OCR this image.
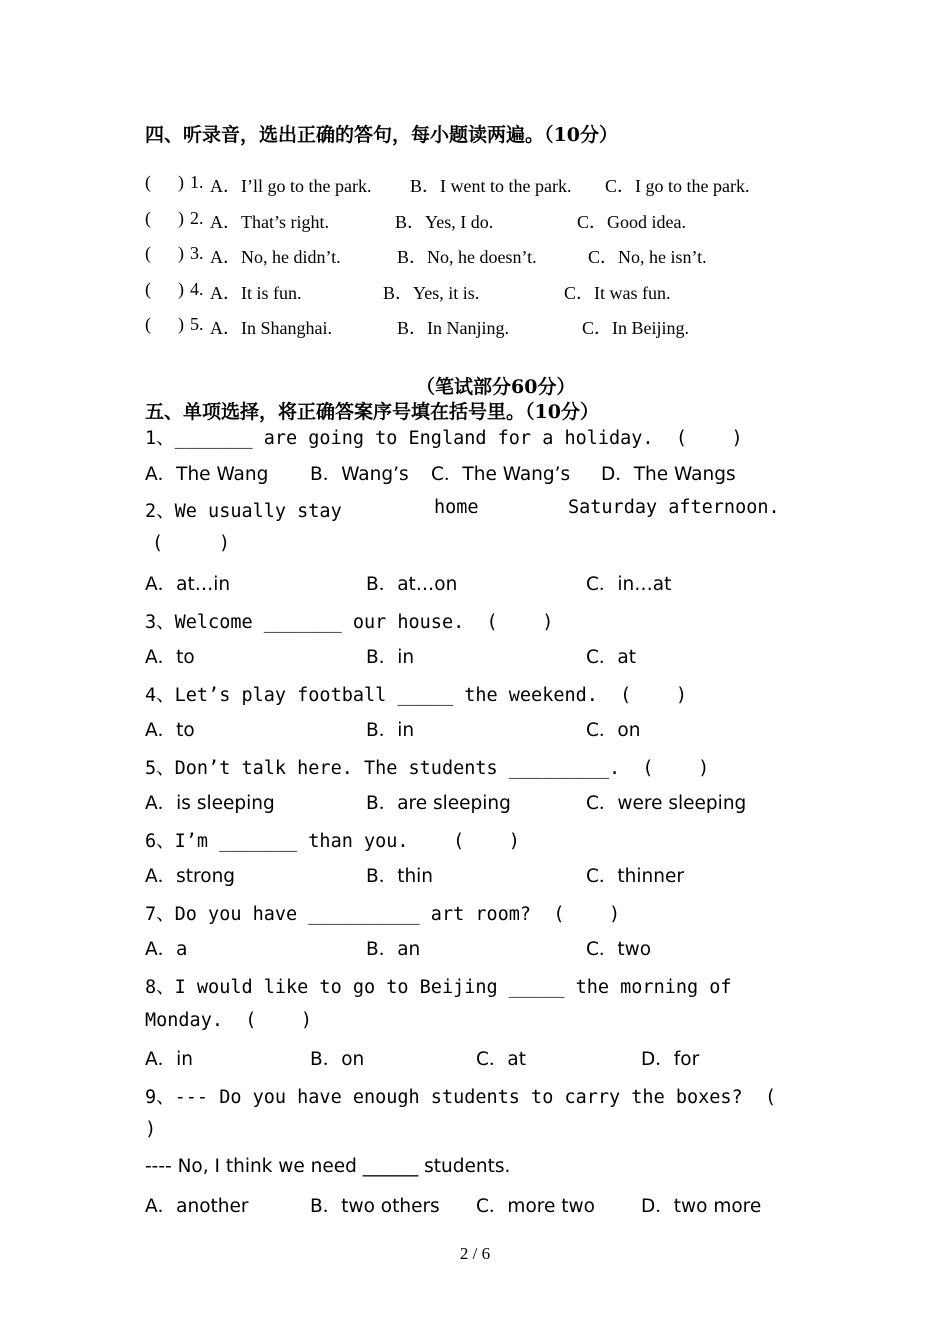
四、听录音，选出正确的答句，每小题读两遍。（10分）
( ) 1. A．I’ll go to the park. B．I went to the park. C．I go to the park.
( ) 2. A．That’s right.	B．Yes, I do.	C．Good idea.
( ) 3. A．No, he didn’t.	B．No, he doesn’t.	C．No, he isn’t.
( ) 4. A．It is fun.	B．Yes, it is.	C．It was fun.
( ) 5. A．In Shanghai.	B．In Nanjing.	C．In Beijing.
（笔试部分60分）
五、单项选择，将正确答案序号填在括号里。（10分）
1、_______ are going to England for a holiday.  (    )
A．The Wang B．Wang’s C．The Wang’s D．The Wangs
2、We usually stay	home	Saturday afternoon.
(     )
A．at…in	B．at…on	C．in…at
3、Welcome _______ our house.  (    )
A．to	B．in	C．at
4、Let’s play football _____ the weekend.  (    )
A．to	B．in	C．on
5、Don’t talk here. The students _________.  (    )
A．is sleeping	B．are sleeping	C．were sleeping
6、I’m _______ than you.    (    )
A．strong	B．thin	C．thinner
7、Do you have __________ art room?  (    )
A．a	B．an	C．two
8、I would like to go to Beijing _____ the morning of
Monday.  (    )
A．in	B．on	C．at	D．for
9、--- Do you have enough students to carry the boxes?  (
)
---- No, I think we need ______ students.
A．another	B．two others C．more two D．two more
2 / 6
